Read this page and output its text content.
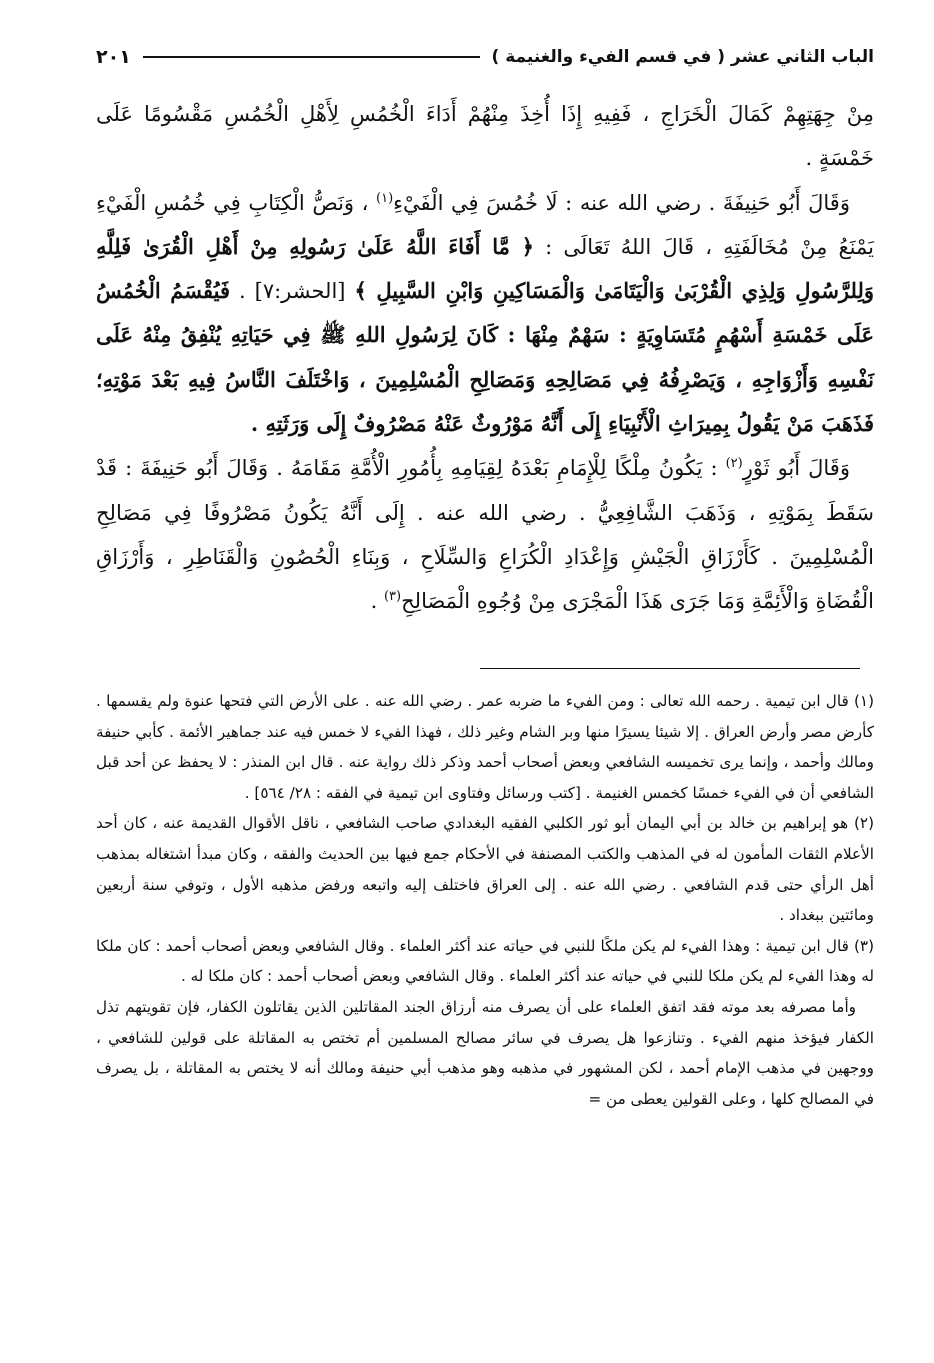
الباب الثاني عشر ( في قسم الفيء والغنيمة )
٢٠١

مِنْ جِهَتِهِمْ كَمَالَ الْخَرَاجِ ، فَفِيهِ إِذَا أُخِذَ مِنْهُمْ أَدَاءَ الْخُمُسِ لِأَهْلِ الْخُمُسِ مَقْسُومًا عَلَى خَمْسَةٍ .

وَقَالَ أَبُو حَنِيفَةَ . رضي الله عنه : لَا خُمُسَ فِي الْفَيْءِ$^{(١)}$ ، وَنَصُّ الْكِتَابِ فِي خُمُسِ الْفَيْءِ يَمْنَعُ مِنْ مُخَالَفَتِهِ ، قَالَ اللهُ تَعَالَى : ﴿ مَّا أَفَاءَ اللَّهُ عَلَىٰ رَسُولِهِ مِنْ أَهْلِ الْقُرَىٰ فَلِلَّهِ وَلِلرَّسُولِ وَلِذِي الْقُرْبَىٰ وَالْيَتَامَىٰ وَالْمَسَاكِينِ وَابْنِ السَّبِيلِ ﴾ [الحشر:٧] . فَيُقْسَمُ الْخُمُسُ عَلَى خَمْسَةِ أَسْهُمٍ مُتَسَاوِيَةٍ : سَهْمٌ مِنْهَا : كَانَ لِرَسُولِ اللهِ ﷺ فِي حَيَاتِهِ يُنْفِقُ مِنْهُ عَلَى نَفْسِهِ وَأَزْوَاجِهِ ، وَيَصْرِفُهُ فِي مَصَالِحِهِ وَمَصَالِحِ الْمُسْلِمِينَ ، وَاخْتَلَفَ النَّاسُ فِيهِ بَعْدَ مَوْتِهِ؛ فَذَهَبَ مَنْ يَقُولُ بِمِيرَاثِ الْأَنْبِيَاءِ إِلَى أَنَّهُ مَوْرُوثٌ عَنْهُ مَصْرُوفٌ إِلَى وَرَثَتِهِ .

وَقَالَ أَبُو ثَوْرٍ$^{(٢)}$ : يَكُونُ مِلْكًا لِلْإِمَامِ بَعْدَهُ لِقِيَامِهِ بِأُمُورِ الْأُمَّةِ مَقَامَهُ . وَقَالَ أَبُو حَنِيفَةَ : قَدْ سَقَطَ بِمَوْتِهِ ، وَذَهَبَ الشَّافِعِيُّ . رضي الله عنه . إِلَى أَنَّهُ يَكُونُ مَصْرُوفًا فِي مَصَالِحِ الْمُسْلِمِينَ . كَأَرْزَاقِ الْجَيْشِ وَإِعْدَادِ الْكُرَاعِ وَالسِّلَاحِ ، وَبِنَاءِ الْحُصُونِ وَالْقَنَاطِرِ ، وَأَرْزَاقِ الْقُضَاةِ وَالْأَئِمَّةِ وَمَا جَرَى هَذَا الْمَجْرَى مِنْ وُجُوهِ الْمَصَالِحِ$^{(٣)}$ .

(١) قال ابن تيمية . رحمه الله تعالى : ومن الفيء ما ضربه عمر . رضي الله عنه . على الأرض التي فتحها عنوة ولم يقسمها . كأرض مصر وأرض العراق . إلا شيئا يسيرًا منها وبر الشام وغير ذلك ، فهذا الفيء لا خمس فيه عند جماهير الأئمة . كأبي حنيفة ومالك وأحمد ، وإنما يرى تخميسه الشافعي وبعض أصحاب أحمد وذكر ذلك رواية عنه . قال ابن المنذر : لا يحفظ عن أحد قبل الشافعي أن في الفيء خمسًا كخمس الغنيمة . [كتب ورسائل وفتاوى ابن تيمية في الفقه : ٢٨/ ٥٦٤] .

(٢) هو إبراهيم بن خالد بن أبي اليمان أبو ثور الكلبي الفقيه البغدادي صاحب الشافعي ، ناقل الأقوال القديمة عنه ، كان أحد الأعلام الثقات المأمون له في المذهب والكتب المصنفة في الأحكام جمع فيها بين الحديث والفقه ، وكان مبدأ اشتغاله بمذهب أهل الرأي حتى قدم الشافعي . رضي الله عنه . إلى العراق فاختلف إليه واتبعه ورفض مذهبه الأول ، وتوفي سنة أربعين ومائتين ببغداد .

(٣) قال ابن تيمية : وهذا الفيء لم يكن ملكًا للنبي في حياته عند أكثر العلماء . وقال الشافعي وبعض أصحاب أحمد : كان ملكا له وهذا الفيء لم يكن ملكا للنبي في حياته عند أكثر العلماء . وقال الشافعي وبعض أصحاب أحمد : كان ملكا له .

وأما مصرفه بعد موته فقد اتفق العلماء على أن يصرف منه أرزاق الجند المقاتلين الذين يقاتلون الكفار، فإن تقويتهم تذل الكفار فيؤخذ منهم الفيء . وتنازعوا هل يصرف في سائر مصالح المسلمين أم تختص به المقاتلة على قولين للشافعي ، ووجهين في مذهب الإمام أحمد ، لكن المشهور في مذهبه وهو مذهب أبي حنيفة ومالك أنه لا يختص به المقاتلة ، بل يصرف في المصالح كلها ، وعلى القولين يعطى من =
